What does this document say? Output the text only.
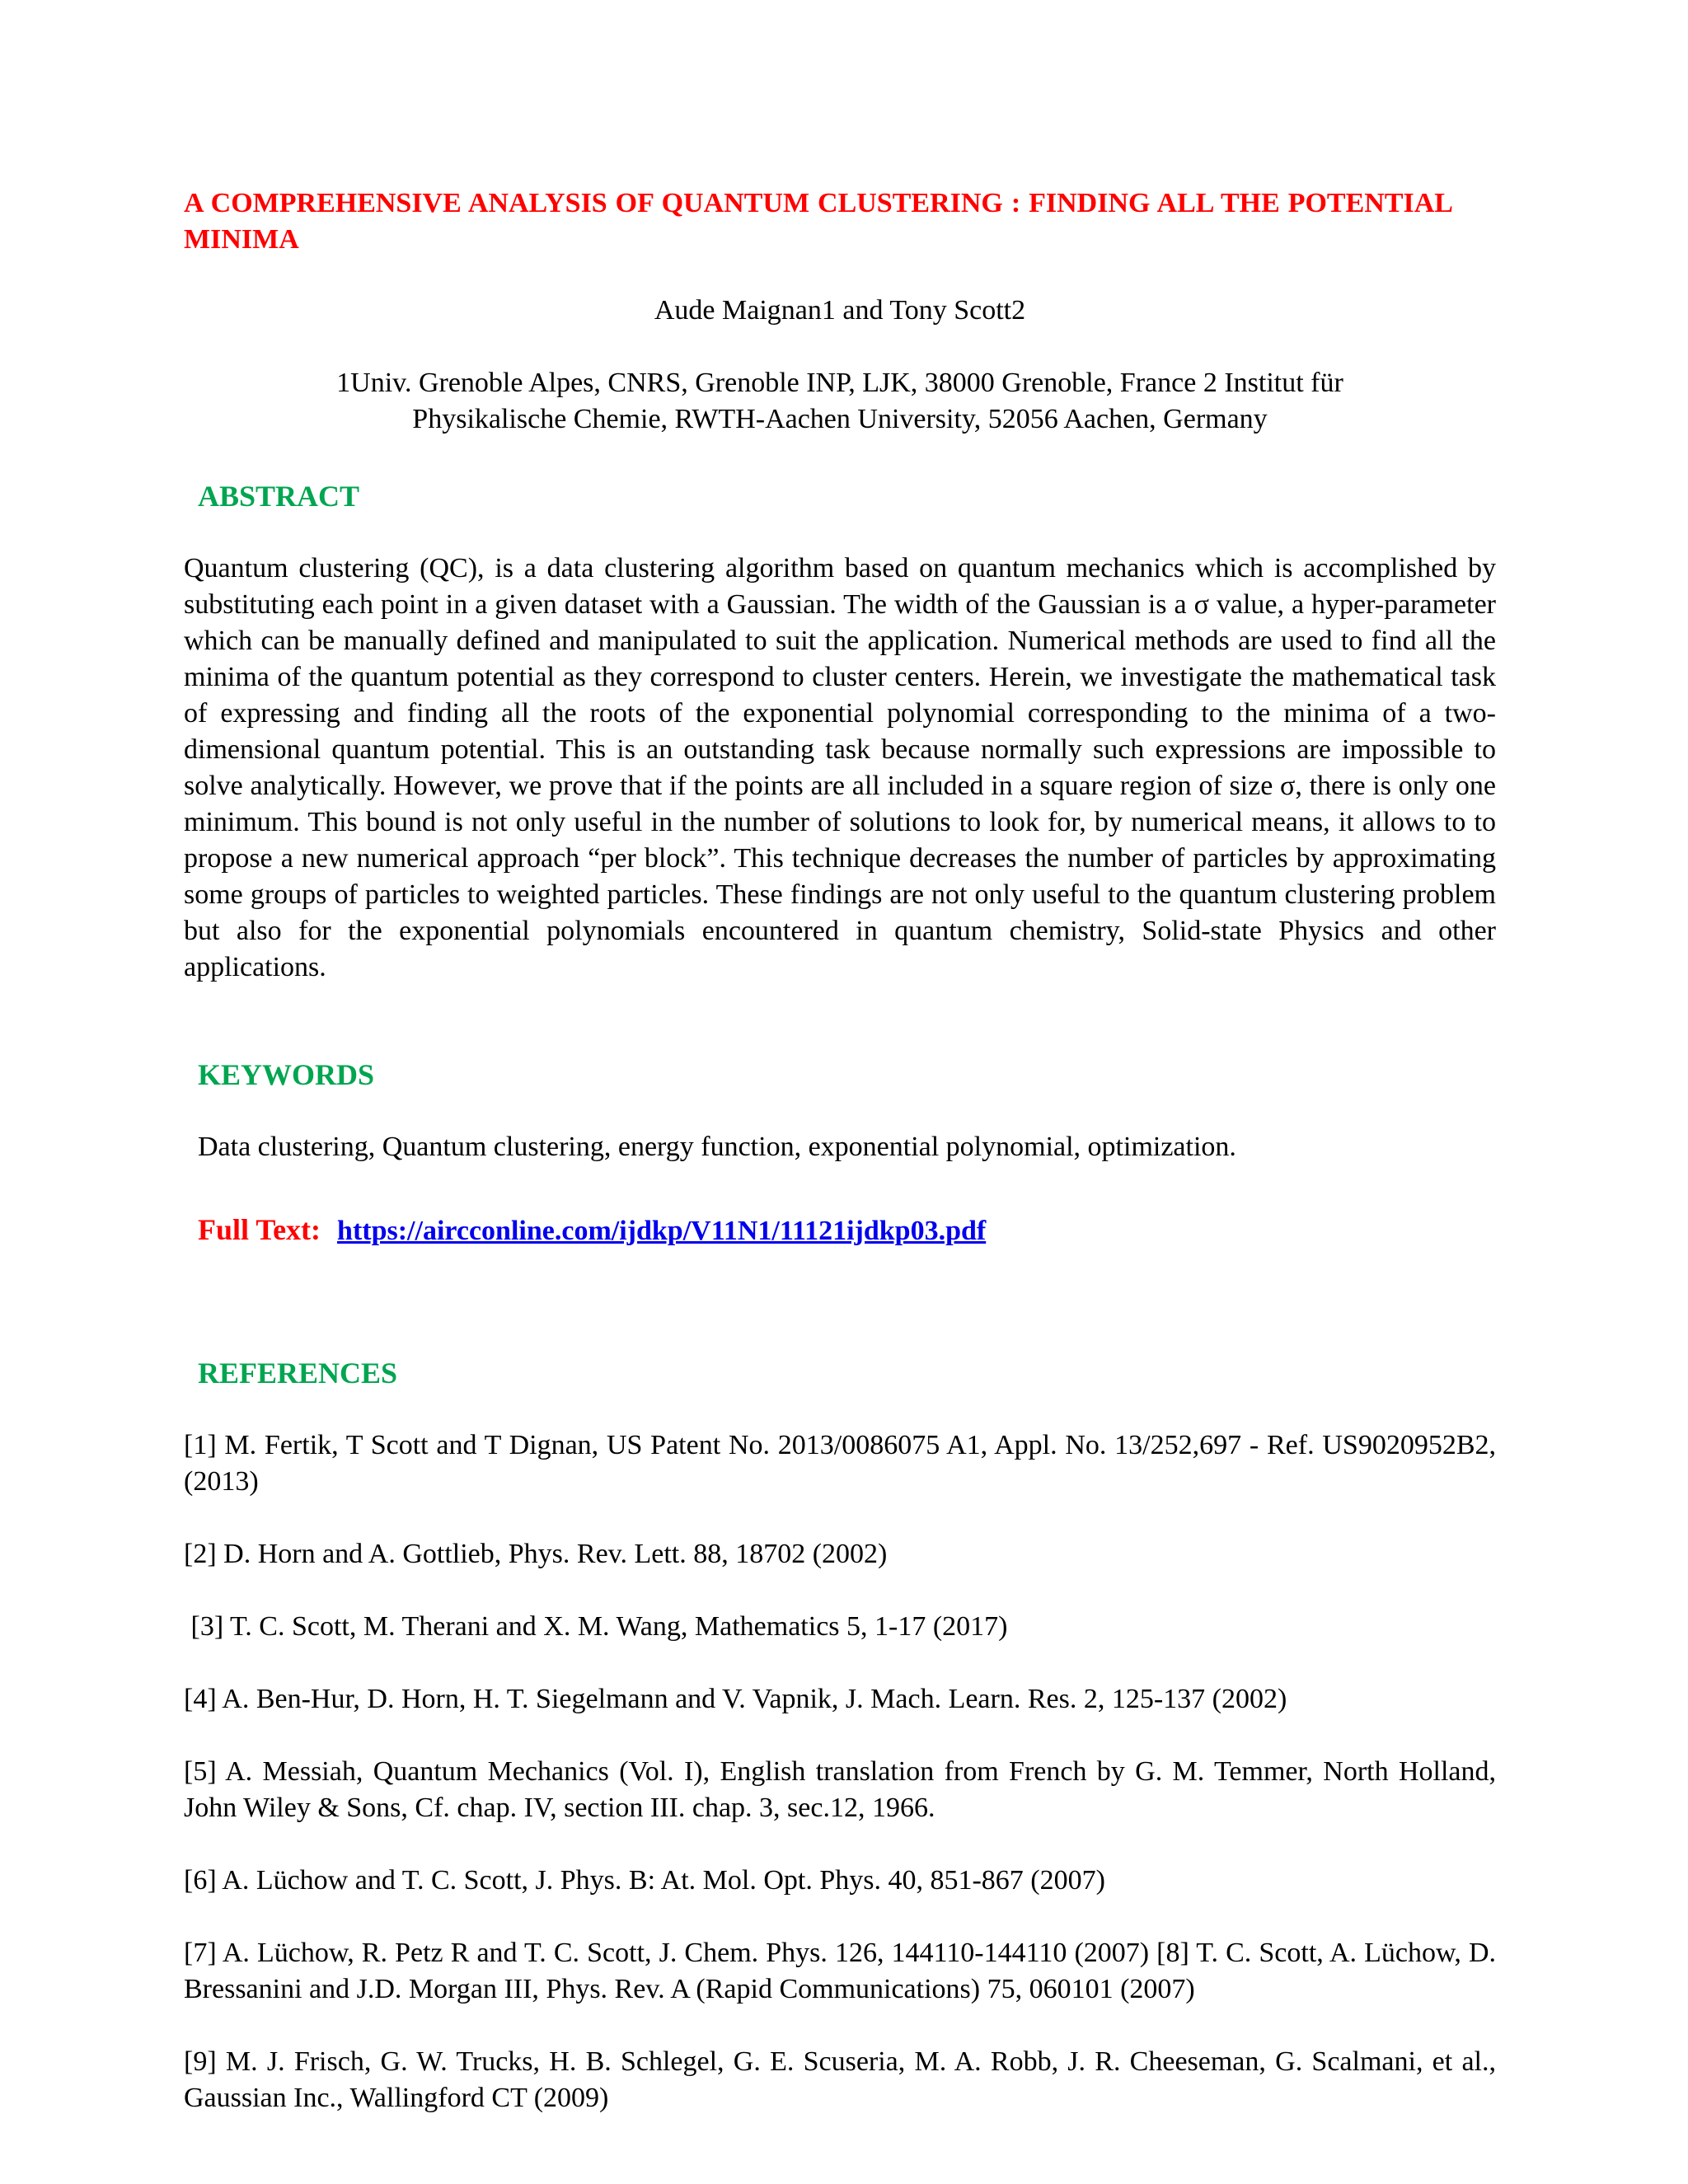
A COMPREHENSIVE ANALYSIS OF QUANTUM CLUSTERING : FINDING ALL THE POTENTIAL MINIMA
Aude Maignan1 and Tony Scott2
1Univ. Grenoble Alpes, CNRS, Grenoble INP, LJK, 38000 Grenoble, France 2 Institut für
Physikalische Chemie, RWTH-Aachen University, 52056 Aachen, Germany
ABSTRACT
Quantum clustering (QC), is a data clustering algorithm based on quantum mechanics which is accomplished by substituting each point in a given dataset with a Gaussian. The width of the Gaussian is a σ value, a hyper-parameter which can be manually defined and manipulated to suit the application. Numerical methods are used to find all the minima of the quantum potential as they correspond to cluster centers. Herein, we investigate the mathematical task of expressing and finding all the roots of the exponential polynomial corresponding to the minima of a two-dimensional quantum potential. This is an outstanding task because normally such expressions are impossible to solve analytically. However, we prove that if the points are all included in a square region of size σ, there is only one minimum. This bound is not only useful in the number of solutions to look for, by numerical means, it allows to to propose a new numerical approach “per block”. This technique decreases the number of particles by approximating some groups of particles to weighted particles. These findings are not only useful to the quantum clustering problem but also for the exponential polynomials encountered in quantum chemistry, Solid-state Physics and other applications.
KEYWORDS
Data clustering, Quantum clustering, energy function, exponential polynomial, optimization.
Full Text: https://aircconline.com/ijdkp/V11N1/11121ijdkp03.pdf
REFERENCES
[1] M. Fertik, T Scott and T Dignan, US Patent No. 2013/0086075 A1, Appl. No. 13/252,697 - Ref. US9020952B2, (2013)
[2] D. Horn and A. Gottlieb, Phys. Rev. Lett. 88, 18702 (2002)
[3] T. C. Scott, M. Therani and X. M. Wang, Mathematics 5, 1-17 (2017)
[4] A. Ben-Hur, D. Horn, H. T. Siegelmann and V. Vapnik, J. Mach. Learn. Res. 2, 125-137 (2002)
[5] A. Messiah, Quantum Mechanics (Vol. I), English translation from French by G. M. Temmer, North Holland, John Wiley & Sons, Cf. chap. IV, section III. chap. 3, sec.12, 1966.
[6] A. Lüchow and T. C. Scott, J. Phys. B: At. Mol. Opt. Phys. 40, 851-867 (2007)
[7] A. Lüchow, R. Petz R and T. C. Scott, J. Chem. Phys. 126, 144110-144110 (2007) [8] T. C. Scott, A. Lüchow, D. Bressanini and J.D. Morgan III, Phys. Rev. A (Rapid Communications) 75, 060101 (2007)
[9] M. J. Frisch, G. W. Trucks, H. B. Schlegel, G. E. Scuseria, M. A. Robb, J. R. Cheeseman, G. Scalmani, et al., Gaussian Inc., Wallingford CT (2009)
